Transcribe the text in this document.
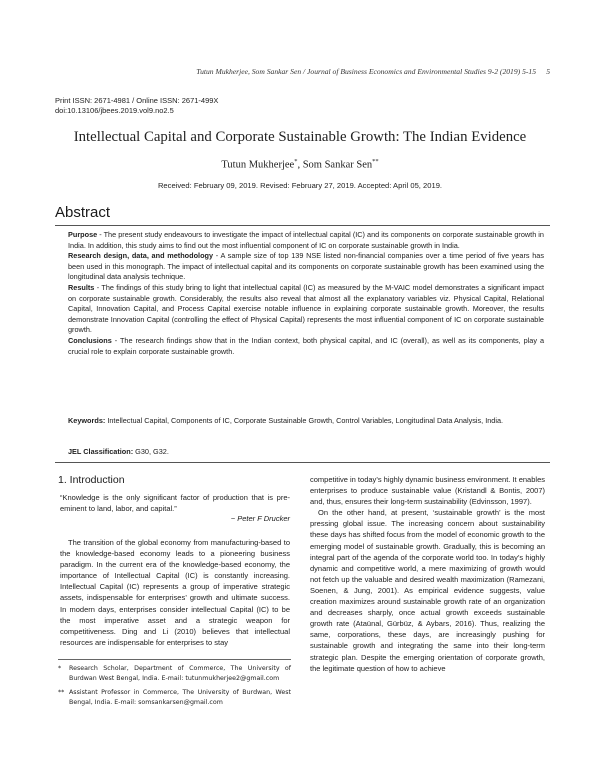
Tutun Mukherjee, Som Sankar Sen / Journal of Business Economics and Environmental Studies 9-2 (2019) 5-15 5
Print ISSN: 2671-4981 / Online ISSN: 2671-499X
doi:10.13106/jbees.2019.vol9.no2.5
Intellectual Capital and Corporate Sustainable Growth: The Indian Evidence
Tutun Mukherjee*, Som Sankar Sen**
Received: February 09, 2019. Revised: February 27, 2019. Accepted: April 05, 2019.
Abstract

Purpose - The present study endeavours to investigate the impact of intellectual capital (IC) and its components on corporate sustainable growth in India. In addition, this study aims to find out the most influential component of IC on corporate sustainable growth in India.

Research design, data, and methodology - A sample size of top 139 NSE listed non-financial companies over a time period of five years has been used in this monograph. The impact of intellectual capital and its components on corporate sustainable growth has been examined using the longitudinal data analysis technique.

Results - The findings of this study bring to light that intellectual capital (IC) as measured by the M-VAIC model demonstrates a significant impact on corporate sustainable growth. Considerably, the results also reveal that almost all the explanatory variables viz. Physical Capital, Relational Capital, Innovation Capital, and Process Capital exercise notable influence in explaining corporate sustainable growth. Moreover, the results demonstrate Innovation Capital (controlling the effect of Physical Capital) represents the most influential component of IC on corporate sustainable growth.

Conclusions - The research findings show that in the Indian context, both physical capital, and IC (overall), as well as its components, play a crucial role to explain corporate sustainable growth.

Keywords: Intellectual Capital, Components of IC, Corporate Sustainable Growth, Control Variables, Longitudinal Data Analysis, India.
JEL Classification: G30, G32.
1. Introduction
“Knowledge is the only significant factor of production that is pre-eminent to land, labor, and capital.”
~ Peter F Drucker

The transition of the global economy from manufacturing-based to the knowledge-based economy leads to a pioneering business paradigm. In the current era of the knowledge-based economy, the importance of Intellectual Capital (IC) is constantly increasing. Intellectual Capital (IC) represents a group of imperative strategic assets, indispensable for enterprises’ growth and ultimate success. In modern days, enterprises consider intellectual Capital (IC) to be the most imperative asset and a strategic weapon for competitiveness. Ding and Li (2010) believes that intellectual resources are indispensable for enterprises to stay

* Research Scholar, Department of Commerce, The University of Burdwan West Bengal, India. E-mail: tutunmukherjee2@gmail.com
** Assistant Professor in Commerce, The University of Burdwan, West Bengal, India. E-mail: somsankarsen@gmail.com

competitive in today’s highly dynamic business environment. It enables enterprises to produce sustainable value (Kristandl & Bontis, 2007) and, thus, ensures their long-term sustainability (Edvinsson, 1997).

On the other hand, at present, ‘sustainable growth’ is the most pressing global issue. The increasing concern about sustainability these days has shifted focus from the model of economic growth to the emerging model of sustainable growth. Gradually, this is becoming an integral part of the agenda of the corporate world too. In today’s highly dynamic and competitive world, a mere maximizing of growth would not fetch up the valuable and desired wealth maximization (Ramezani, Soenen, & Jung, 2001). As empirical evidence suggests, value creation maximizes around sustainable growth rate of an organization and decreases sharply, once actual growth exceeds sustainable growth rate (Ataünal, Gürbüz, & Aybars, 2016). Thus, realizing the same, corporations, these days, are increasingly pushing for sustainable growth and integrating the same into their long-term strategic plan. Despite the emerging orientation of corporate growth, the legitimate question of how to achieve
